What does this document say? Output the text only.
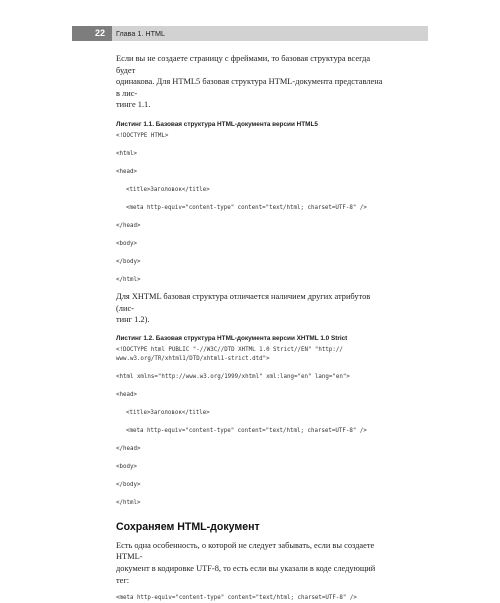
22	Глава 1. HTML

Если вы не создаете страницу с фреймами, то базовая структура всегда будет
одинакова. Для HTML5 базовая структура HTML-документа представлена в лис-
тинге 1.1.

Листинг 1.1. Базовая структура HTML-документа версии HTML5

<!DOCTYPE HTML>
<html>
<head>
<title>Заголовок</title>
<meta http-equiv="content-type" content="text/html; charset=UTF-8" />
</head>
<body>
</body>
</html>

Для XHTML базовая структура отличается наличием других атрибутов (лис-
тинг 1.2).

Листинг 1.2. Базовая структура HTML-документа версии XHTML 1.0 Strict

<!DOCTYPE html PUBLIC "-//W3C//DTD XHTML 1.0 Strict//EN" "http://
www.w3.org/TR/xhtml1/DTD/xhtml1-strict.dtd">
<html xmlns="http://www.w3.org/1999/xhtml" xml:lang="en" lang="en">
<head>
<title>Заголовок</title>
<meta http-equiv="content-type" content="text/html; charset=UTF-8" />
</head>
<body>
</body>
</html>
Сохраняем HTML-документ

Есть одна особенность, о которой не следует забывать, если вы создаете HTML-
документ в кодировке UTF-8, то есть если вы указали в коде следующий тег:

<meta http-equiv="content-type" content="text/html; charset=UTF-8" />
